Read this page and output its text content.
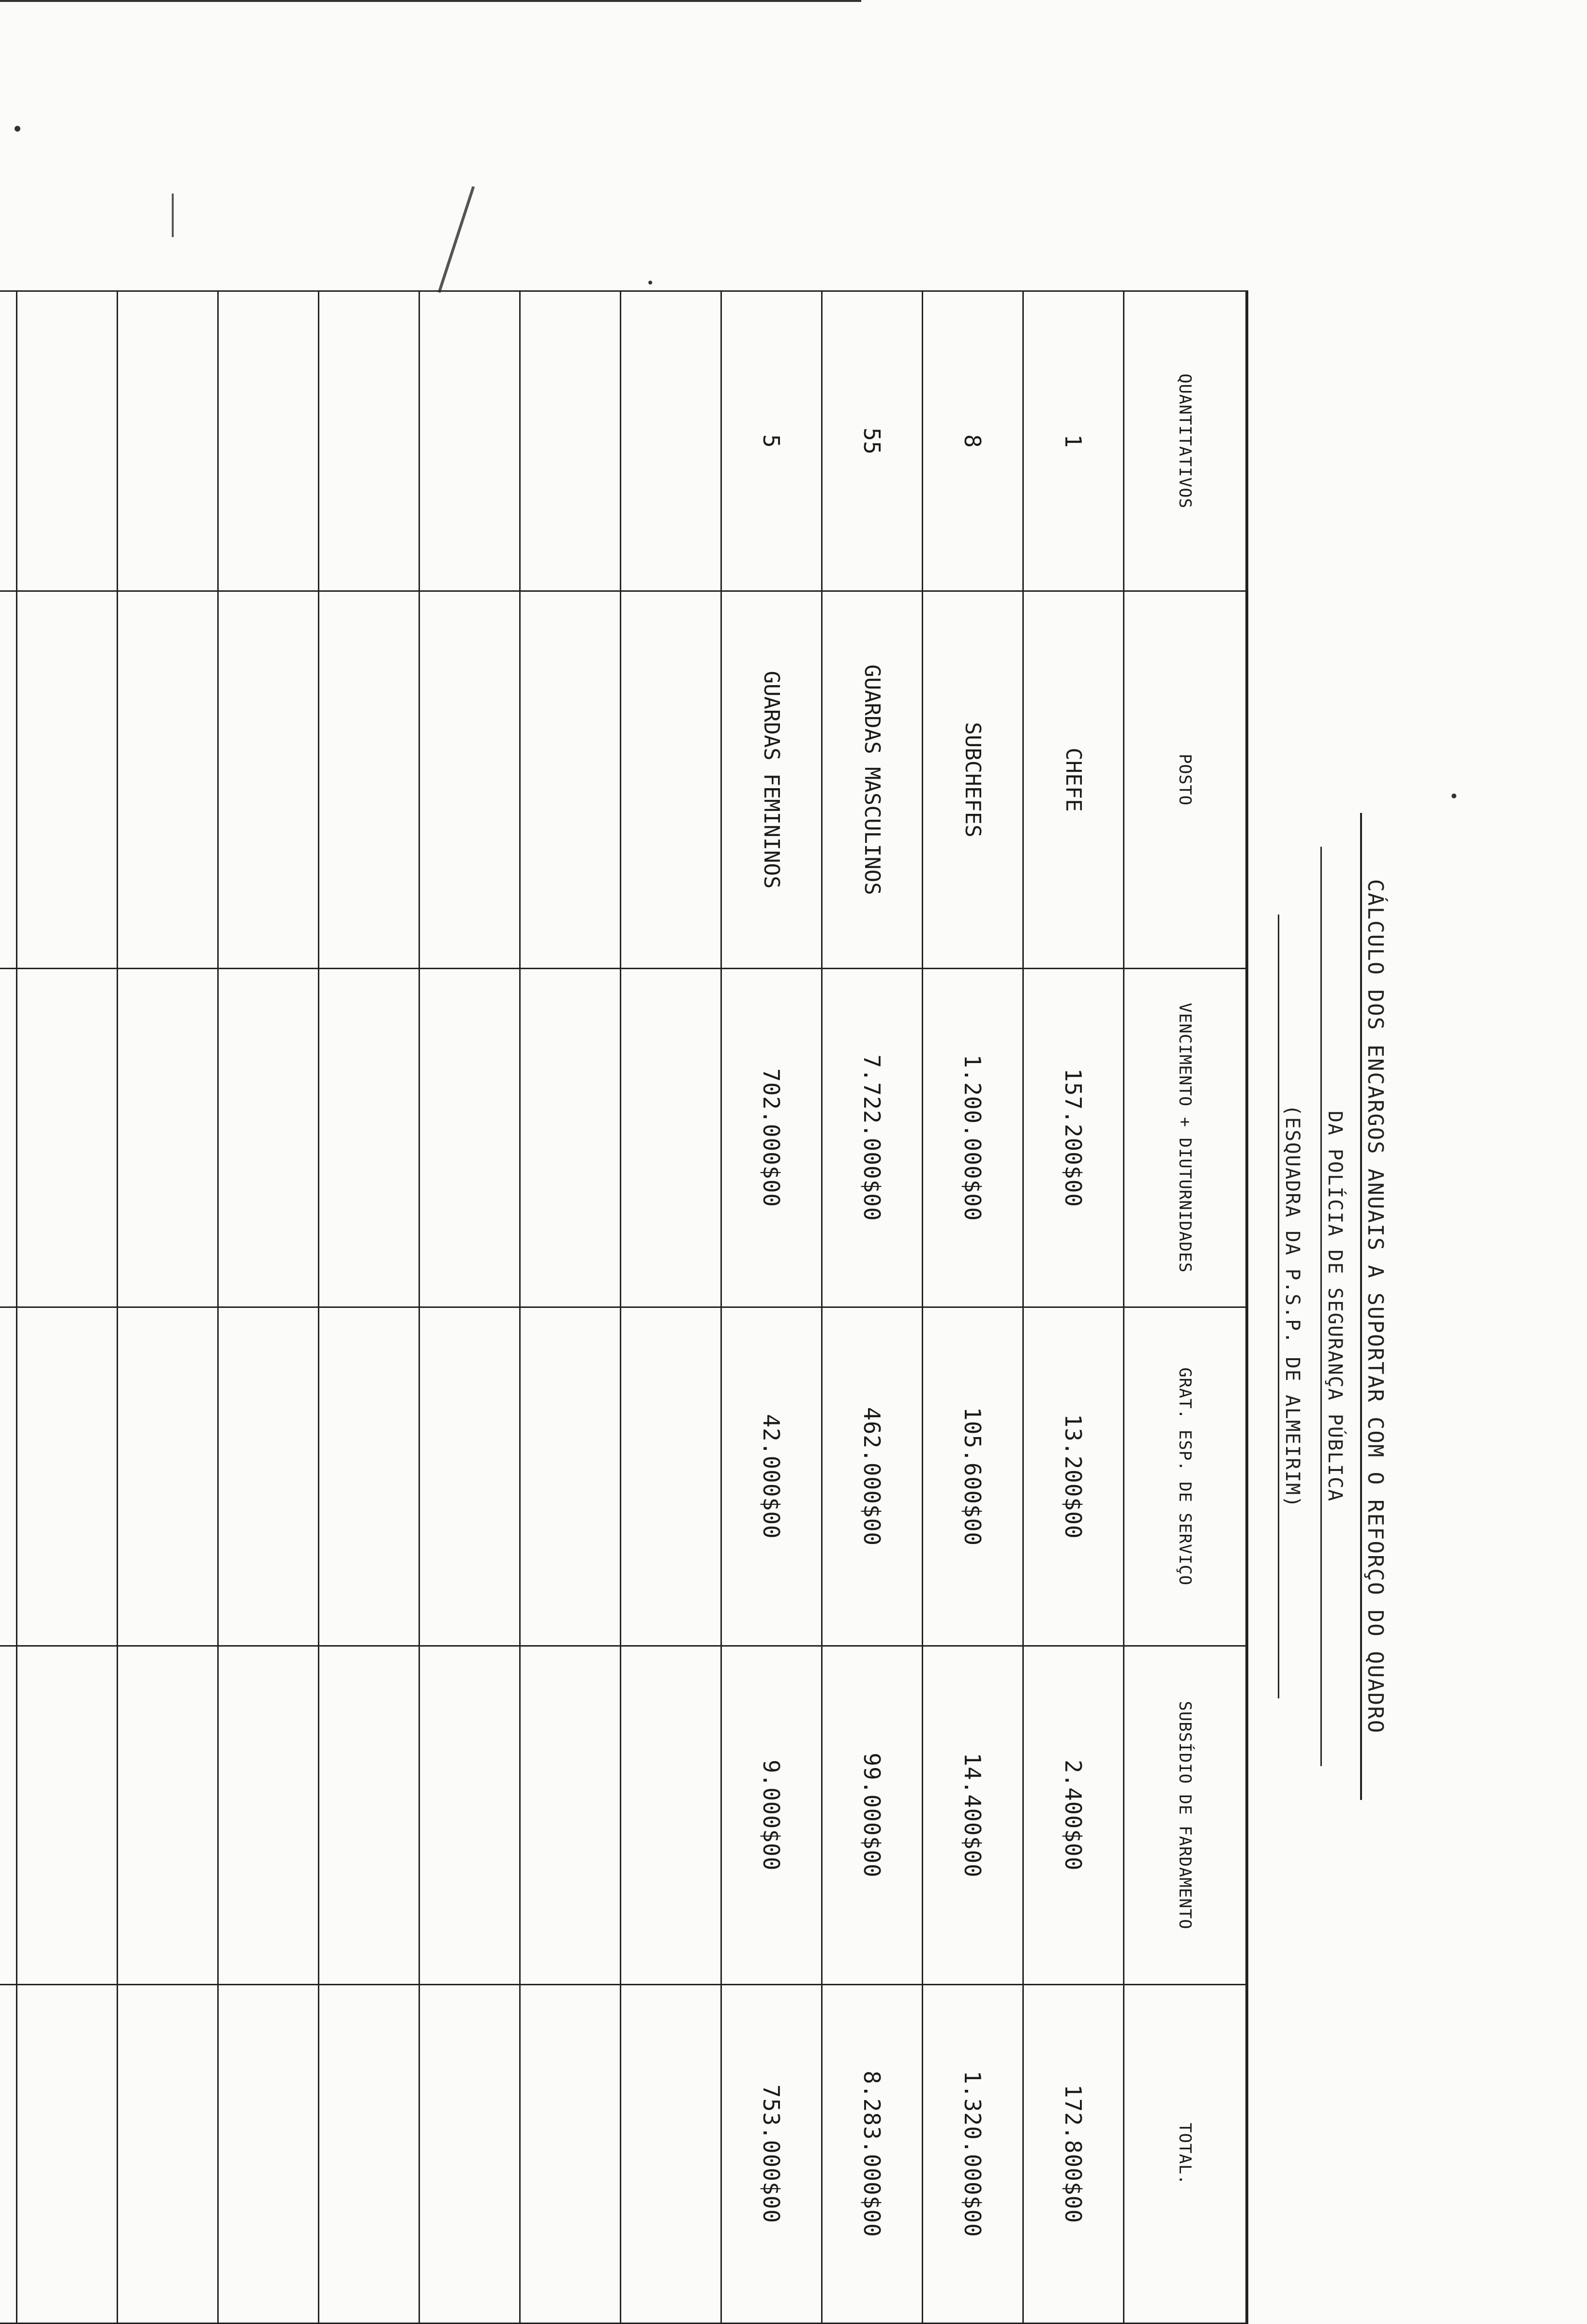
CÁLCULO DOS ENCARGOS ANUAIS A SUPORTAR COM O REFORÇO DO QUADRO
DA POLÍCIA DE SEGURANÇA PÚBLICA
(ESQUADRA DA P.S.P. DE ALMEIRIM)
QUANTITATIVOS	POSTO	VENCIMENTO + DIUTURNIDADES	GRAT. ESP. DE SERVIÇO	SUBSÍDIO DE FARDAMENTO	TOTAL.
1	CHEFE	157.200$00	13.200$00	2.400$00	172.800$00
8	SUBCHEFES	1.200.000$00	105.600$00	14.400$00	1.320.000$00
55	GUARDAS MASCULINOS	7.722.000$00	462.000$00	99.000$00	8.283.000$00
5	GUARDAS FEMININOS	702.000$00	42.000$00	9.000$00	753.000$00
